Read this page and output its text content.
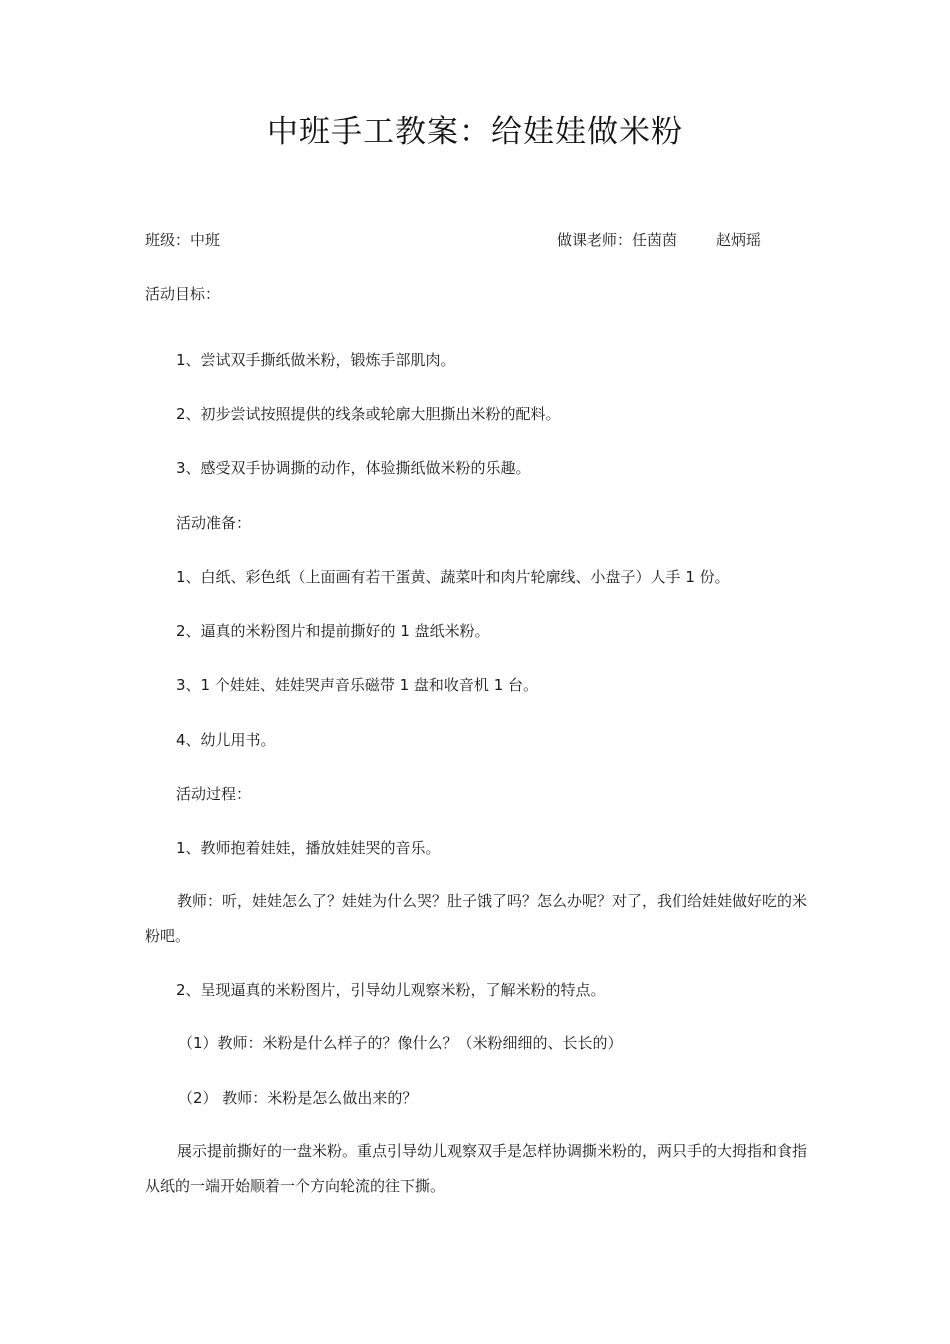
中班手工教案：给娃娃做米粉

班级：中班	做课老师：任茵茵	赵炳瑶

活动目标：

1、尝试双手撕纸做米粉，锻炼手部肌肉。

2、初步尝试按照提供的线条或轮廓大胆撕出米粉的配料。

3、感受双手协调撕的动作，体验撕纸做米粉的乐趣。

活动准备：

1、白纸、彩色纸（上面画有若干蛋黄、蔬菜叶和肉片轮廓线、小盘子）人手 1 份。

2、逼真的米粉图片和提前撕好的 1 盘纸米粉。

3、1 个娃娃、娃娃哭声音乐磁带 1 盘和收音机 1 台。

4、幼儿用书。

活动过程：

1、教师抱着娃娃，播放娃娃哭的音乐。

教师：听，娃娃怎么了？娃娃为什么哭？肚子饿了吗？怎么办呢？对了，我们给娃娃做好吃的米粉吧。

2、呈现逼真的米粉图片，引导幼儿观察米粉，了解米粉的特点。

（1）教师：米粉是什么样子的？像什么？（米粉细细的、长长的）

（2） 教师：米粉是怎么做出来的？

展示提前撕好的一盘米粉。重点引导幼儿观察双手是怎样协调撕米粉的，两只手的大拇指和食指从纸的一端开始顺着一个方向轮流的往下撕。
